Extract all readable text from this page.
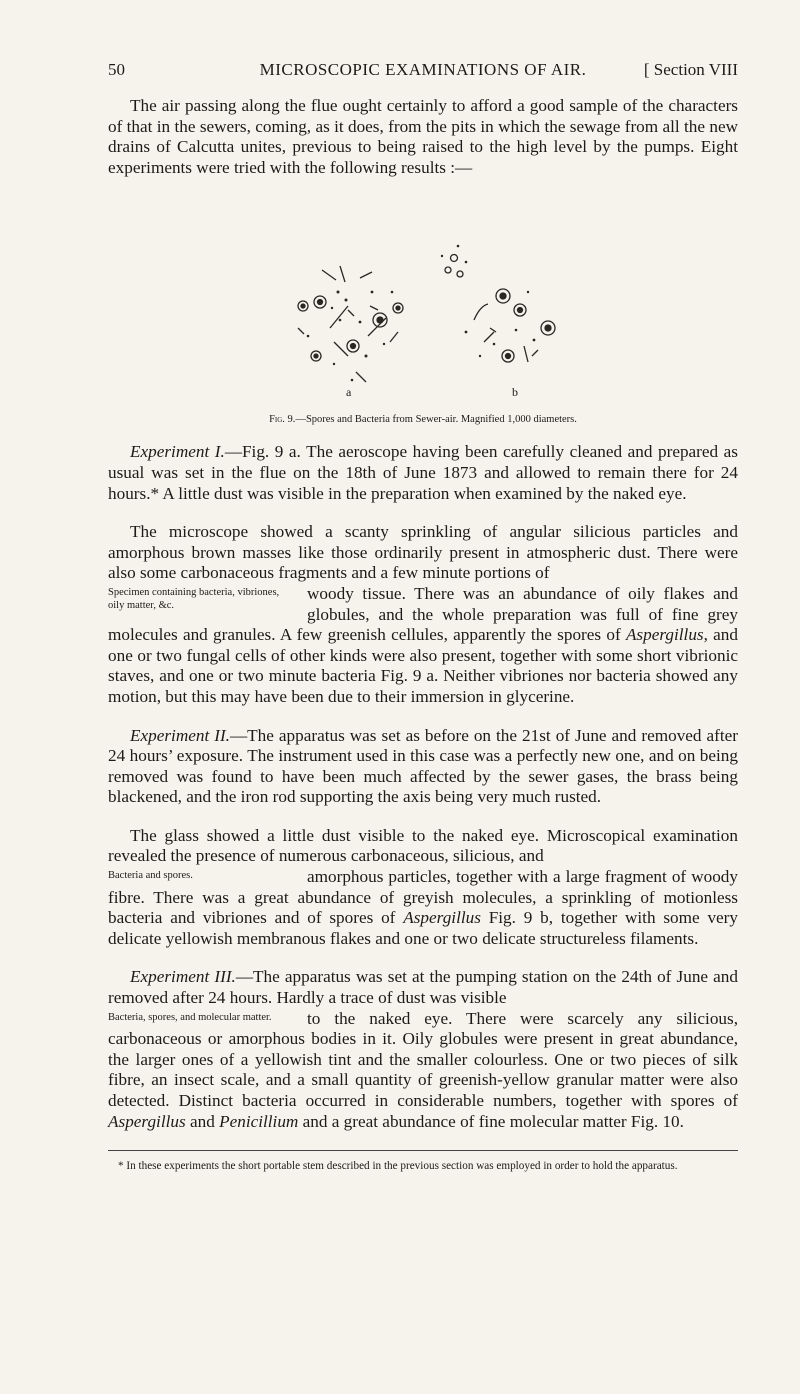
50	MICROSCOPIC EXAMINATIONS OF AIR.	[ Section VIII

The air passing along the flue ought certainly to afford a good sample of the characters of that in the sewers, coming, as it does, from the pits in which the sewage from all the new drains of Calcutta unites, previous to being raised to the high level by the pumps. Eight experiments were tried with the following results :—

a	b
Fig. 9.—Spores and Bacteria from Sewer-air. Magnified 1,000 diameters.

Experiment I.—Fig. 9 a. The aeroscope having been carefully cleaned and prepared as usual was set in the flue on the 18th of June 1873 and allowed to remain there for 24 hours.* A little dust was visible in the preparation when examined by the naked eye.

The microscope showed a scanty sprinkling of angular silicious particles and amorphous brown masses like those ordinarily present in atmospheric dust. There were also some carbonaceous fragments and a few minute portions of

Specimen containing bacteria, vibriones, oily matter, &c.
woody tissue. There was an abundance of oily flakes and globules, and the whole preparation was full of fine grey molecules and granules. A few greenish cellules, apparently the spores of Aspergillus, and one or two fungal cells of other kinds were also present, together with some short vibrionic staves, and one or two minute bacteria Fig. 9 a. Neither vibriones nor bacteria showed any motion, but this may have been due to their immersion in glycerine.

Experiment II.—The apparatus was set as before on the 21st of June and removed after 24 hours’ exposure. The instrument used in this case was a perfectly new one, and on being removed was found to have been much affected by the sewer gases, the brass being blackened, and the iron rod supporting the axis being very much rusted.

The glass showed a little dust visible to the naked eye. Microscopical examination revealed the presence of numerous carbonaceous, silicious, and

Bacteria and spores.	amorphous particles, together with a large fragment of woody fibre. There was a great abundance of greyish molecules, a sprinkling of motionless bacteria and vibriones and of spores of Aspergillus Fig. 9 b, together with some very delicate yellowish membranous flakes and one or two delicate structureless filaments.

Experiment III.—The apparatus was set at the pumping station on the 24th of June and removed after 24 hours. Hardly a trace of dust was visible

Bacteria, spores, and molecular matter.	to the naked eye. There were scarcely any silicious, carbonaceous or amorphous bodies in it. Oily globules were present in great abundance, the larger ones of a yellowish tint and the smaller colourless. One or two pieces of silk fibre, an insect scale, and a small quantity of greenish-yellow granular matter were also detected. Distinct bacteria occurred in considerable numbers, together with spores of Aspergillus and Penicillium and a great abundance of fine molecular matter Fig. 10.

* In these experiments the short portable stem described in the previous section was employed in order to hold the apparatus.
